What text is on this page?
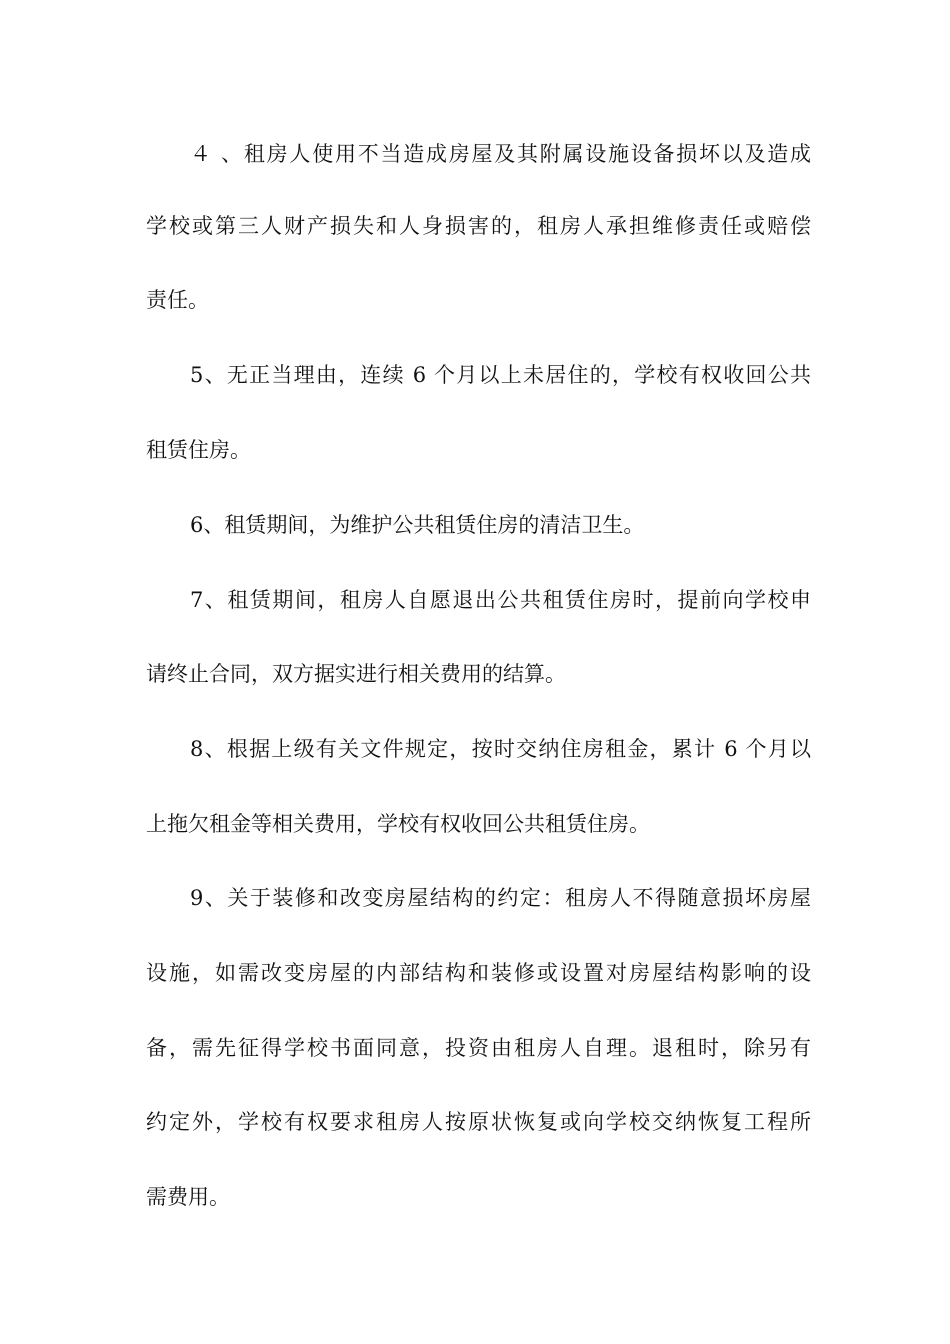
４ 、租房人使用不当造成房屋及其附属设施设备损坏以及造成
学校或第三人财产损失和人身损害的，租房人承担维修责任或赔偿
责任。
5、无正当理由，连续 6 个月以上未居住的，学校有权收回公共
租赁住房。
6、租赁期间，为维护公共租赁住房的清洁卫生。
7、租赁期间，租房人自愿退出公共租赁住房时，提前向学校申
请终止合同，双方据实进行相关费用的结算。
8、根据上级有关文件规定，按时交纳住房租金，累计 6 个月以
上拖欠租金等相关费用，学校有权收回公共租赁住房。
9、关于装修和改变房屋结构的约定：租房人不得随意损坏房屋
设施，如需改变房屋的内部结构和装修或设置对房屋结构影响的设
备，需先征得学校书面同意，投资由租房人自理。退租时，除另有
约定外，学校有权要求租房人按原状恢复或向学校交纳恢复工程所
需费用。
